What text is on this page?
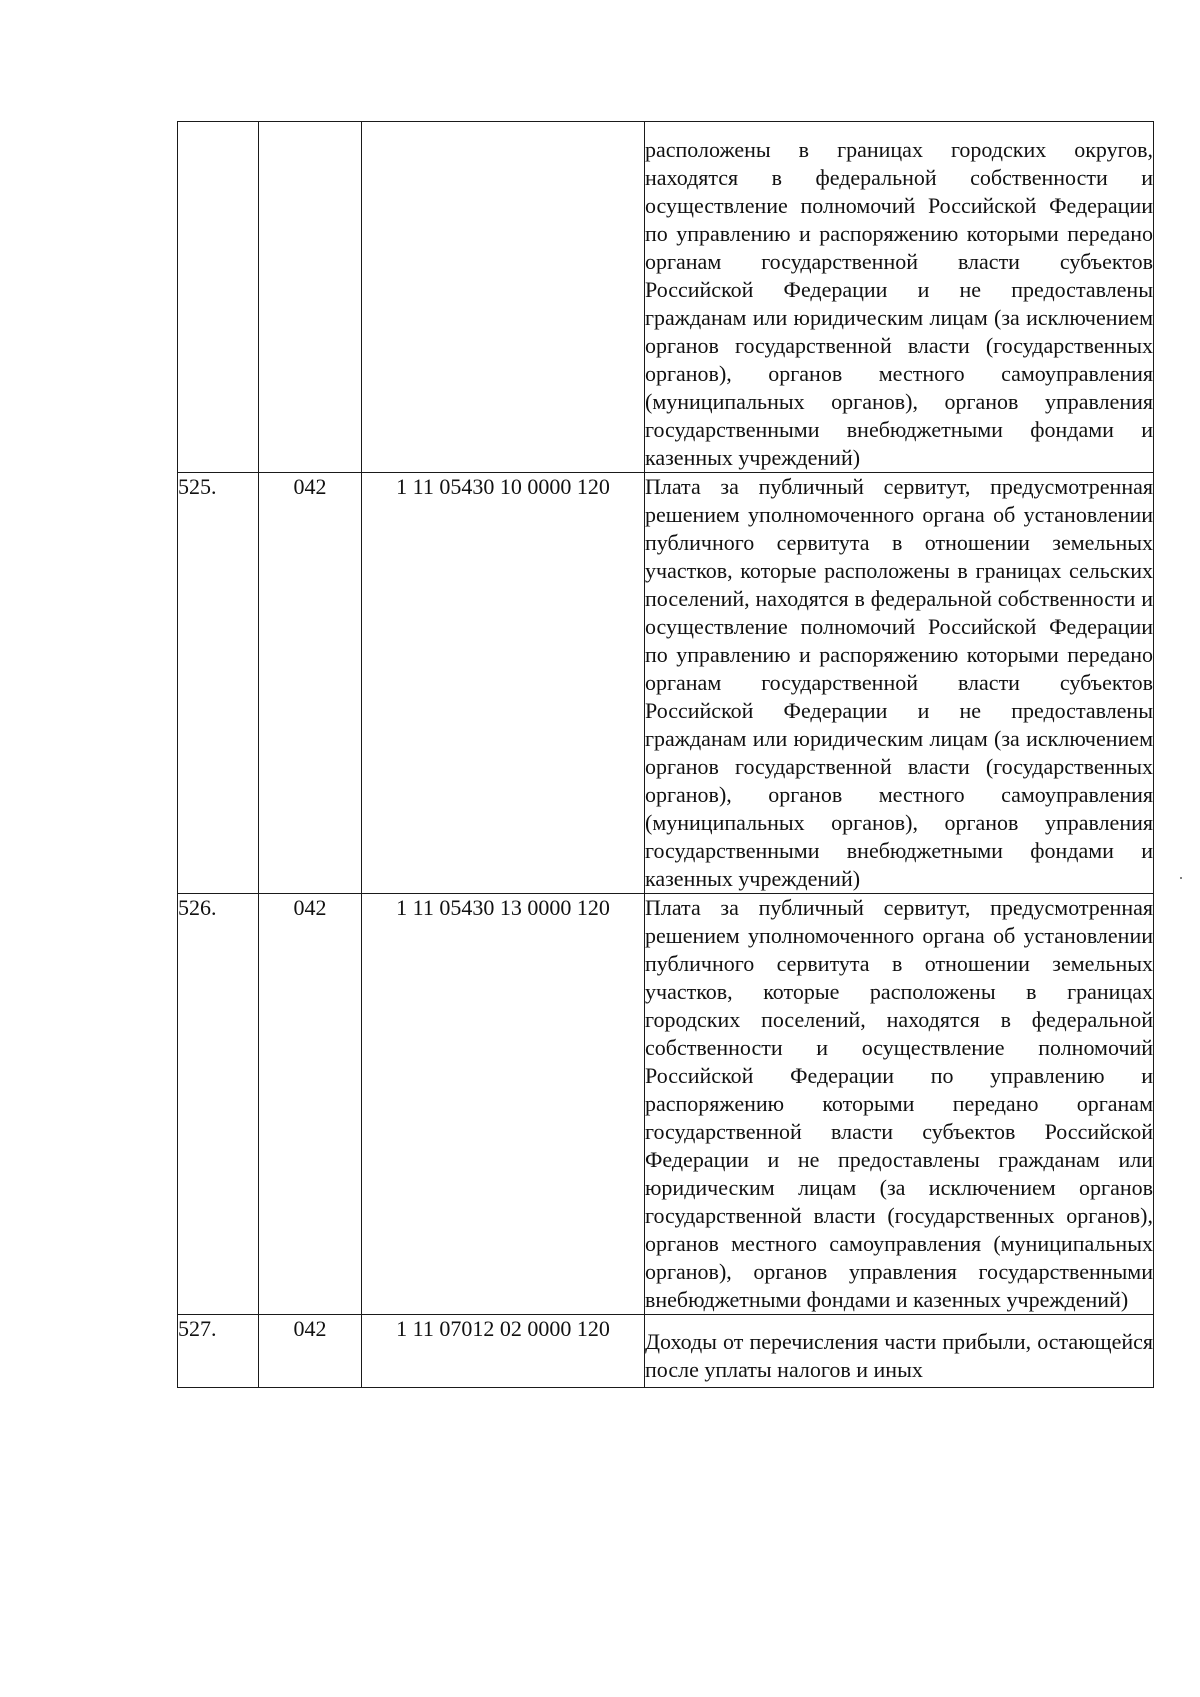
			расположены в границах городских округов, находятся в федеральной собственности и осуществление полномочий Российской Федерации по управлению и распоряжению которыми передано органам государственной власти субъектов Российской Федерации и не предоставлены гражданам или юридическим лицам (за исключением органов государственной власти (государственных органов), органов местного самоуправления (муниципальных органов), органов управления государственными внебюджетными фондами и казенных учреждений)

525.	042	1 11 05430 10 0000 120	Плата за публичный сервитут, предусмотренная решением уполномоченного органа об установлении публичного сервитута в отношении земельных участков, которые расположены в границах сельских поселений, находятся в федеральной собственности и осуществление полномочий Российской Федерации по управлению и распоряжению которыми передано органам государственной власти субъектов Российской Федерации и не предоставлены гражданам или юридическим лицам (за исключением органов государственной власти (государственных органов), органов местного самоуправления (муниципальных органов), органов управления государственными внебюджетными фондами и казенных учреждений)

526.	042	1 11 05430 13 0000 120	Плата за публичный сервитут, предусмотренная решением уполномоченного органа об установлении публичного сервитута в отношении земельных участков, которые расположены в границах городских поселений, находятся в федеральной собственности и осуществление полномочий Российской Федерации по управлению и распоряжению которыми передано органам государственной власти субъектов Российской Федерации и не предоставлены гражданам или юридическим лицам (за исключением органов государственной власти (государственных органов), органов местного самоуправления (муниципальных органов), органов управления государственными внебюджетными фондами и казенных учреждений)

527.	042	1 11 07012 02 0000 120	Доходы от перечисления части прибыли, остающейся после уплаты налогов и иных
